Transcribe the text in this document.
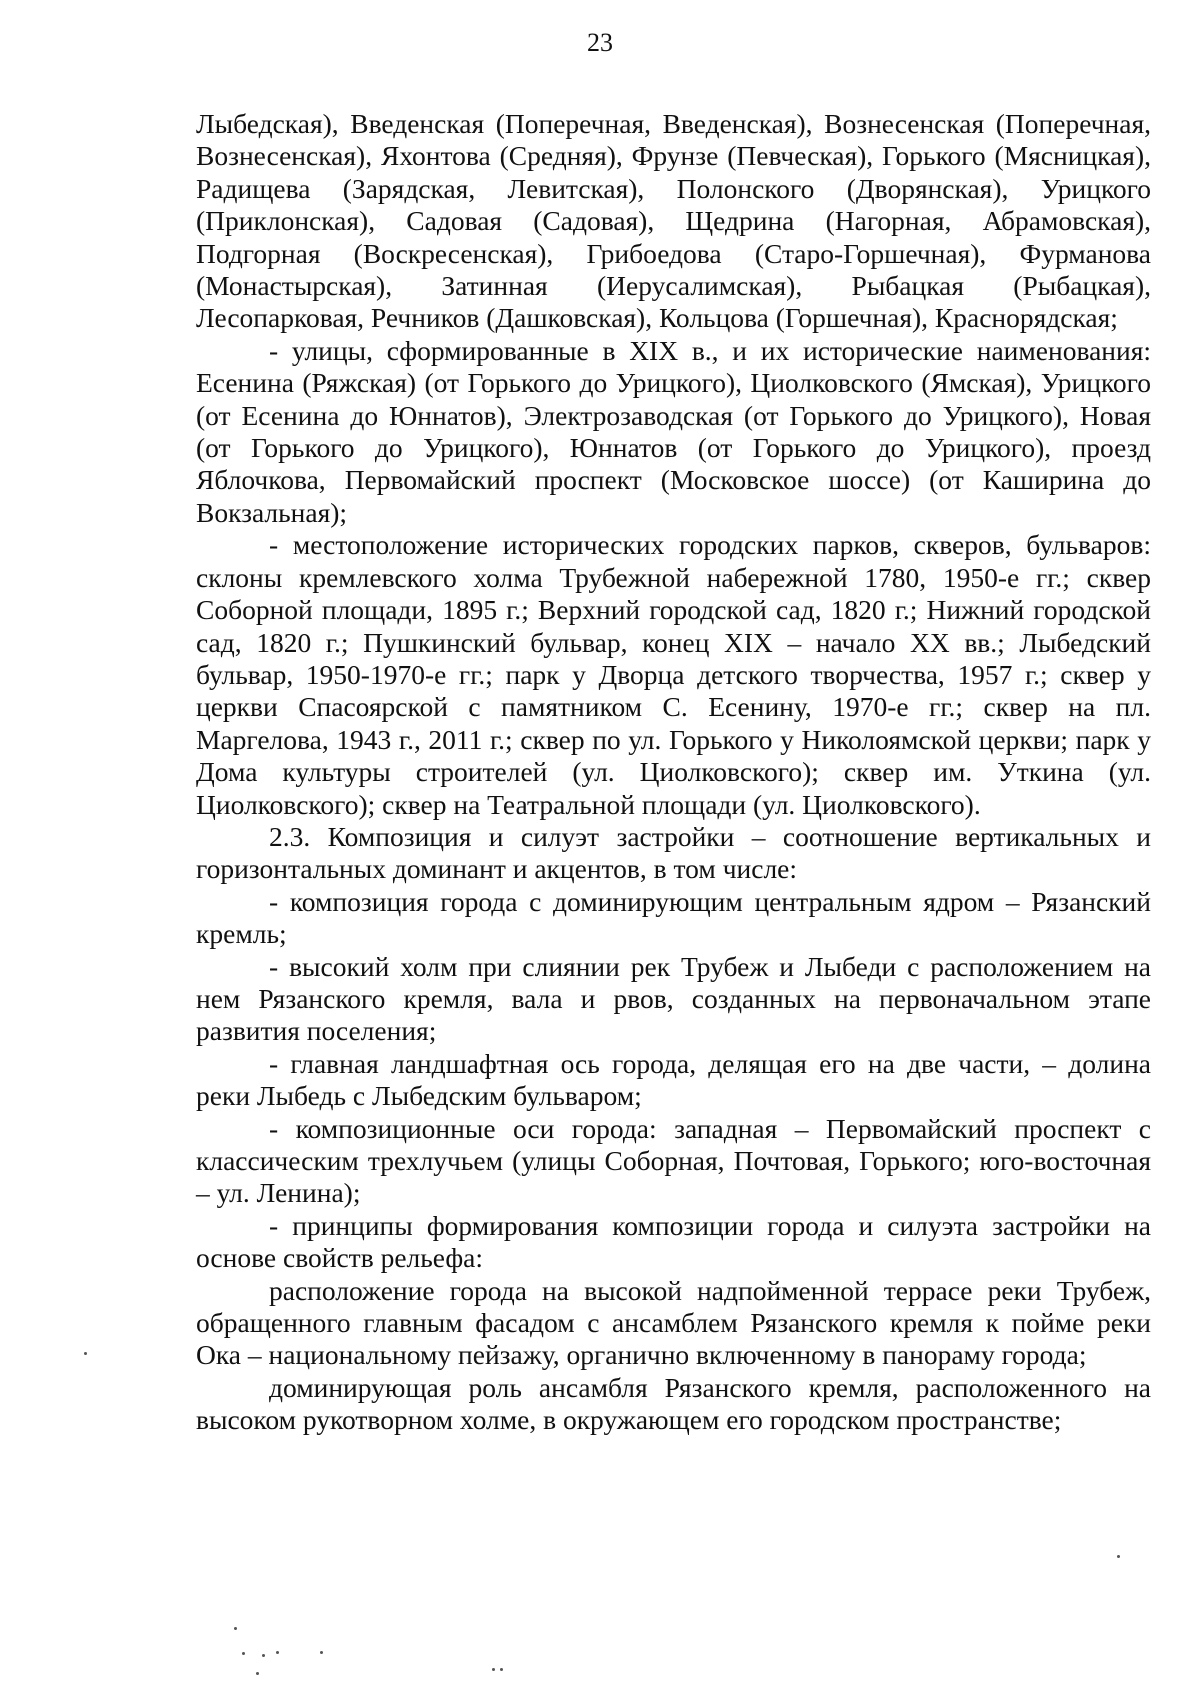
23

Лыбедская), Введенская (Поперечная, Введенская), Вознесенская (Поперечная, Вознесенская), Яхонтова (Средняя), Фрунзе (Певческая), Горького (Мясницкая), Радищева (Зарядская, Левитская), Полонского (Дворянская), Урицкого (Приклонская), Садовая (Садовая), Щедрина (Нагорная, Абрамовская), Подгорная (Воскресенская), Грибоедова (Старо-Горшечная), Фурманова (Монастырская), Затинная (Иерусалимская), Рыбацкая (Рыбацкая), Лесопарковая, Речников (Дашковская), Кольцова (Горшечная), Краснорядская;

- улицы, сформированные в XIX в., и их исторические наименования: Есенина (Ряжская) (от Горького до Урицкого), Циолковского (Ямская), Урицкого (от Есенина до Юннатов), Электрозаводская (от Горького до Урицкого), Новая (от Горького до Урицкого), Юннатов (от Горького до Урицкого), проезд Яблочкова, Первомайский проспект (Московское шоссе) (от Каширина до Вокзальная);

- местоположение исторических городских парков, скверов, бульваров: склоны кремлевского холма Трубежной набережной 1780, 1950-е гг.; сквер Соборной площади, 1895 г.; Верхний городской сад, 1820 г.; Нижний городской сад, 1820 г.; Пушкинский бульвар, конец XIX – начало XX вв.; Лыбедский бульвар, 1950-1970-е гг.; парк у Дворца детского творчества, 1957 г.; сквер у церкви Спасоярской с памятником С. Есенину, 1970-е гг.; сквер на пл. Маргелова, 1943 г., 2011 г.; сквер по ул. Горького у Николоямской церкви; парк у Дома культуры строителей (ул. Циолковского); сквер им. Уткина (ул. Циолковского); сквер на Театральной площади (ул. Циолковского).

2.3. Композиция и силуэт застройки – соотношение вертикальных и горизонтальных доминант и акцентов, в том числе:

- композиция города с доминирующим центральным ядром – Рязанский кремль;

- высокий холм при слиянии рек Трубеж и Лыбеди с расположением на нем Рязанского кремля, вала и рвов, созданных на первоначальном этапе развития поселения;

- главная ландшафтная ось города, делящая его на две части, – долина реки Лыбедь с Лыбедским бульваром;

- композиционные оси города: западная – Первомайский проспект с классическим трехлучьем (улицы Соборная, Почтовая, Горького; юго-восточная – ул. Ленина);

- принципы формирования композиции города и силуэта застройки на основе свойств рельефа:

расположение города на высокой надпойменной террасе реки Трубеж, обращенного главным фасадом с ансамблем Рязанского кремля к пойме реки Ока – национальному пейзажу, органично включенному в панораму города;

доминирующая роль ансамбля Рязанского кремля, расположенного на высоком рукотворном холме, в окружающем его городском пространстве;
